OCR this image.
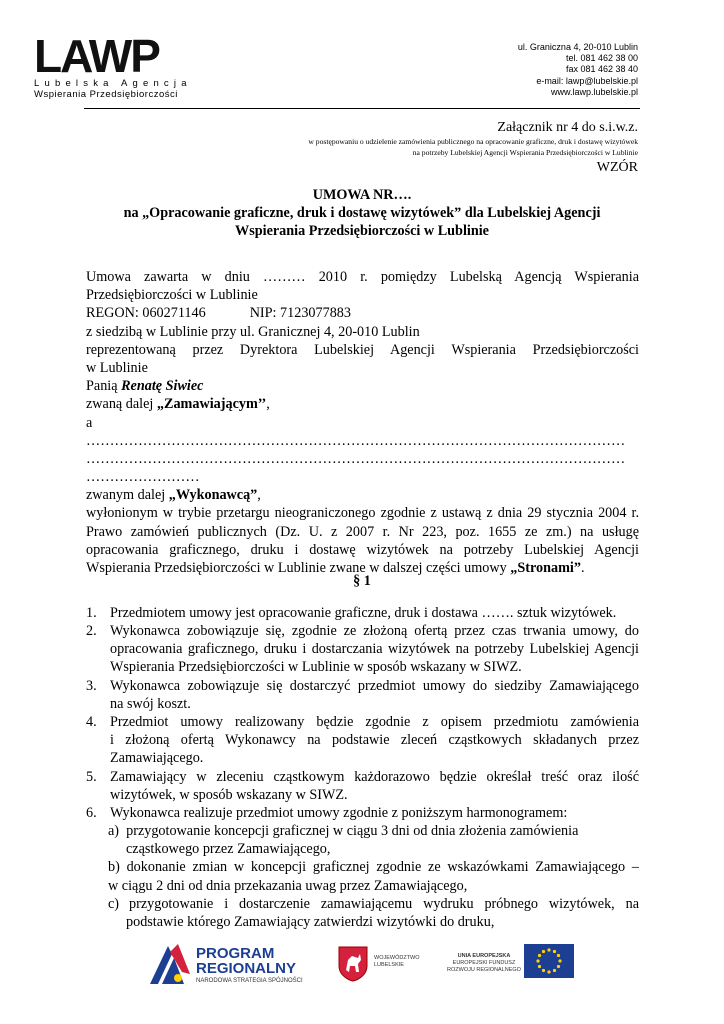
LAWP
Lubelska Agencja
Wspierania Przedsiębiorczości
ul. Graniczna 4, 20-010 Lublin
tel. 081 462 38 00
fax 081 462 38 40
e-mail: lawp@lubelskie.pl
www.lawp.lubelskie.pl
Załącznik nr 4 do s.i.w.z.
w postępowaniu o udzielenie zamówienia publicznego na opracowanie graficzne, druk i dostawę wizytówek
na potrzeby Lubelskiej Agencji Wspierania Przedsiębiorczości w Lublinie
WZÓR
UMOWA NR….
na „Opracowanie graficzne, druk i dostawę wizytówek” dla Lubelskiej Agencji
Wspierania Przedsiębiorczości w Lublinie
Umowa zawarta w dniu ……… 2010 r. pomiędzy Lubelską Agencją Wspierania
Przedsiębiorczości w Lublinie
REGON: 060271146	NIP: 7123077883
z siedzibą w Lublinie przy ul. Granicznej 4, 20-010 Lublin
reprezentowaną przez Dyrektora Lubelskiej Agencji Wspierania Przedsiębiorczości
w Lublinie
Panią Renatę Siwiec
zwaną dalej „Zamawiającym’’,
a
……………………………………………………………………………………………………
……………………………………………………………………………………………………
……………………
zwanym dalej „Wykonawcą”,
wyłonionym w trybie przetargu nieograniczonego zgodnie z ustawą z dnia 29 stycznia 2004 r.
Prawo zamówień publicznych (Dz. U. z 2007 r. Nr 223, poz. 1655 ze zm.) na usługę
opracowania graficznego, druku i dostawę wizytówek na potrzeby Lubelskiej Agencji
Wspierania Przedsiębiorczości w Lublinie zwane w dalszej części umowy „Stronami”.
§ 1
1. Przedmiotem umowy jest opracowanie graficzne, druk i dostawa ……. sztuk wizytówek.
2. Wykonawca zobowiązuje się, zgodnie ze złożoną ofertą przez czas trwania umowy, do
opracowania graficznego, druku i dostarczania wizytówek na potrzeby Lubelskiej Agencji
Wspierania Przedsiębiorczości w Lublinie w sposób wskazany w SIWZ.
3. Wykonawca zobowiązuje się dostarczyć przedmiot umowy do siedziby Zamawiającego
na swój koszt.
4. Przedmiot umowy realizowany będzie zgodnie z opisem przedmiotu zamówienia
i złożoną ofertą Wykonawcy na podstawie zleceń cząstkowych składanych przez
Zamawiającego.
5. Zamawiający w zleceniu cząstkowym każdorazowo będzie określał treść oraz ilość
wizytówek, w sposób wskazany w SIWZ.
6. Wykonawca realizuje przedmiot umowy zgodnie z poniższym harmonogramem:
a) przygotowanie koncepcji graficznej w ciągu 3 dni od dnia złożenia zamówienia
cząstkowego przez Zamawiającego,
b) dokonanie zmian w koncepcji graficznej zgodnie ze wskazówkami Zamawiającego –
w ciągu 2 dni od dnia przekazania uwag przez Zamawiającego,
c) przygotowanie i dostarczenie zamawiającemu wydruku próbnego wizytówek, na
podstawie którego Zamawiający zatwierdzi wizytówki do druku,
PROGRAM
REGIONALNY
NARODOWA STRATEGIA SPÓJNOŚCI
WOJEWÓDZTWO
LUBELSKIE
UNIA EUROPEJSKA
EUROPEJSKI FUNDUSZ
ROZWOJU REGIONALNEGO
